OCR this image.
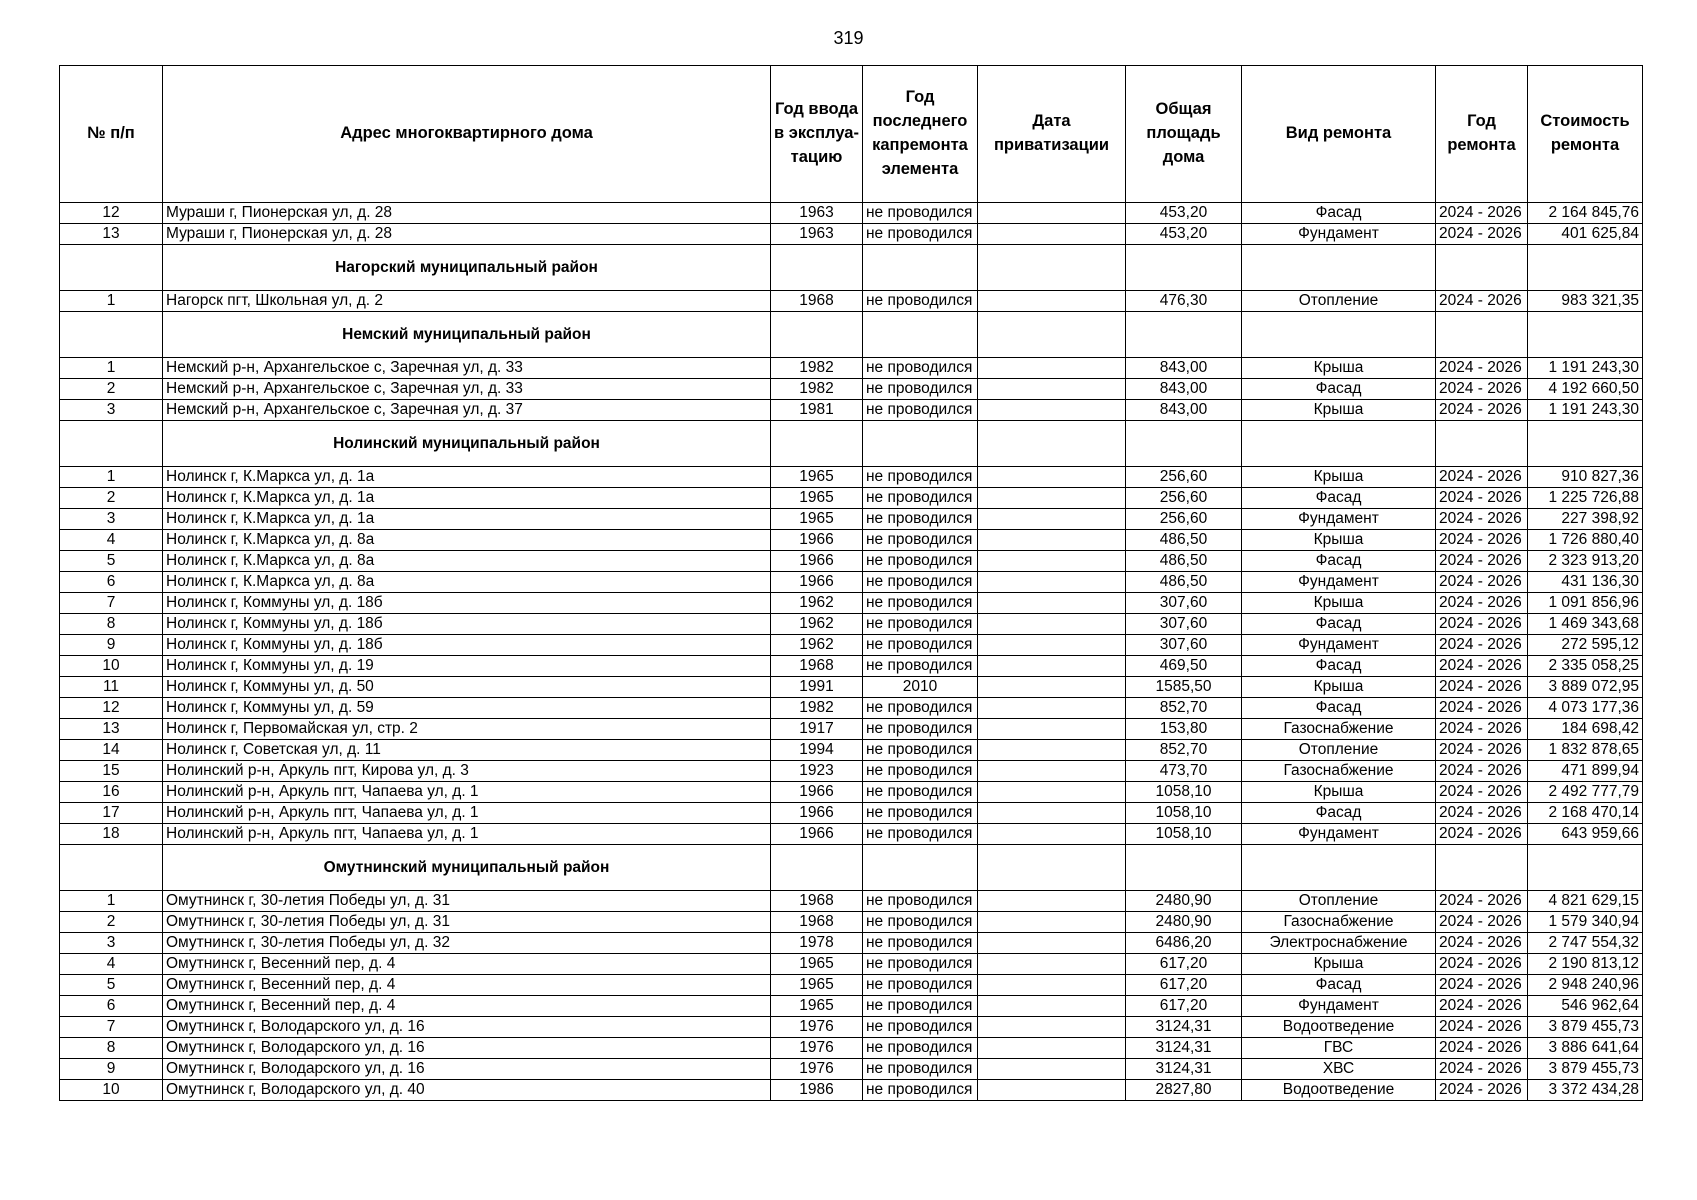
319
№ п/п	Адрес многоквартирного дома	Год ввода в эксплуа- тацию	Год последнего капремонта элемента	Дата приватизации	Общая площадь дома	Вид ремонта	Год ремонта	Стоимость ремонта
12	Мураши г, Пионерская ул, д. 28	1963	не проводился		453,20	Фасад	2024 - 2026	2 164 845,76
13	Мураши г, Пионерская ул, д. 28	1963	не проводился		453,20	Фундамент	2024 - 2026	401 625,84
	Нагорский муниципальный район							
1	Нагорск пгт, Школьная ул, д. 2	1968	не проводился		476,30	Отопление	2024 - 2026	983 321,35
	Немский муниципальный район							
1	Немский р-н, Архангельское с, Заречная ул, д. 33	1982	не проводился		843,00	Крыша	2024 - 2026	1 191 243,30
2	Немский р-н, Архангельское с, Заречная ул, д. 33	1982	не проводился		843,00	Фасад	2024 - 2026	4 192 660,50
3	Немский р-н, Архангельское с, Заречная ул, д. 37	1981	не проводился		843,00	Крыша	2024 - 2026	1 191 243,30
	Нолинский муниципальный район							
1	Нолинск г, К.Маркса ул, д. 1а	1965	не проводился		256,60	Крыша	2024 - 2026	910 827,36
2	Нолинск г, К.Маркса ул, д. 1а	1965	не проводился		256,60	Фасад	2024 - 2026	1 225 726,88
3	Нолинск г, К.Маркса ул, д. 1а	1965	не проводился		256,60	Фундамент	2024 - 2026	227 398,92
4	Нолинск г, К.Маркса ул, д. 8а	1966	не проводился		486,50	Крыша	2024 - 2026	1 726 880,40
5	Нолинск г, К.Маркса ул, д. 8а	1966	не проводился		486,50	Фасад	2024 - 2026	2 323 913,20
6	Нолинск г, К.Маркса ул, д. 8а	1966	не проводился		486,50	Фундамент	2024 - 2026	431 136,30
7	Нолинск г, Коммуны ул, д. 18б	1962	не проводился		307,60	Крыша	2024 - 2026	1 091 856,96
8	Нолинск г, Коммуны ул, д. 18б	1962	не проводился		307,60	Фасад	2024 - 2026	1 469 343,68
9	Нолинск г, Коммуны ул, д. 18б	1962	не проводился		307,60	Фундамент	2024 - 2026	272 595,12
10	Нолинск г, Коммуны ул, д. 19	1968	не проводился		469,50	Фасад	2024 - 2026	2 335 058,25
11	Нолинск г, Коммуны ул, д. 50	1991	2010		1585,50	Крыша	2024 - 2026	3 889 072,95
12	Нолинск г, Коммуны ул, д. 59	1982	не проводился		852,70	Фасад	2024 - 2026	4 073 177,36
13	Нолинск г, Первомайская ул, стр. 2	1917	не проводился		153,80	Газоснабжение	2024 - 2026	184 698,42
14	Нолинск г, Советская ул, д. 11	1994	не проводился		852,70	Отопление	2024 - 2026	1 832 878,65
15	Нолинский р-н, Аркуль пгт, Кирова ул, д. 3	1923	не проводился		473,70	Газоснабжение	2024 - 2026	471 899,94
16	Нолинский р-н, Аркуль пгт, Чапаева ул, д. 1	1966	не проводился		1058,10	Крыша	2024 - 2026	2 492 777,79
17	Нолинский р-н, Аркуль пгт, Чапаева ул, д. 1	1966	не проводился		1058,10	Фасад	2024 - 2026	2 168 470,14
18	Нолинский р-н, Аркуль пгт, Чапаева ул, д. 1	1966	не проводился		1058,10	Фундамент	2024 - 2026	643 959,66
	Омутнинский муниципальный район							
1	Омутнинск г, 30-летия Победы ул, д. 31	1968	не проводился		2480,90	Отопление	2024 - 2026	4 821 629,15
2	Омутнинск г, 30-летия Победы ул, д. 31	1968	не проводился		2480,90	Газоснабжение	2024 - 2026	1 579 340,94
3	Омутнинск г, 30-летия Победы ул, д. 32	1978	не проводился		6486,20	Электроснабжение	2024 - 2026	2 747 554,32
4	Омутнинск г, Весенний пер, д. 4	1965	не проводился		617,20	Крыша	2024 - 2026	2 190 813,12
5	Омутнинск г, Весенний пер, д. 4	1965	не проводился		617,20	Фасад	2024 - 2026	2 948 240,96
6	Омутнинск г, Весенний пер, д. 4	1965	не проводился		617,20	Фундамент	2024 - 2026	546 962,64
7	Омутнинск г, Володарского ул, д. 16	1976	не проводился		3124,31	Водоотведение	2024 - 2026	3 879 455,73
8	Омутнинск г, Володарского ул, д. 16	1976	не проводился		3124,31	ГВС	2024 - 2026	3 886 641,64
9	Омутнинск г, Володарского ул, д. 16	1976	не проводился		3124,31	ХВС	2024 - 2026	3 879 455,73
10	Омутнинск г, Володарского ул, д. 40	1986	не проводился		2827,80	Водоотведение	2024 - 2026	3 372 434,28
